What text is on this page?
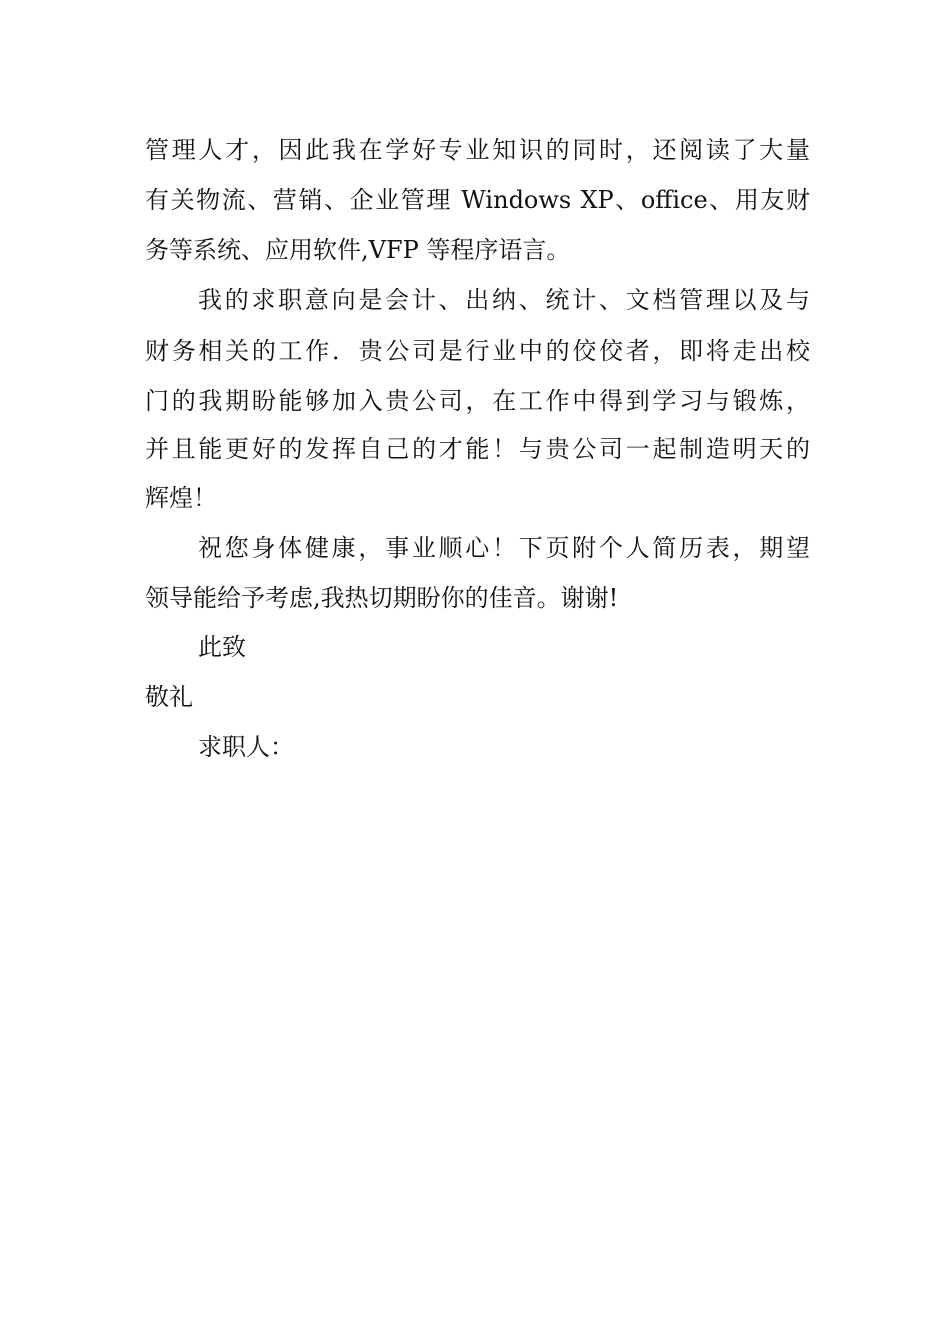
管理人才，因此我在学好专业知识的同时，还阅读了大量
有关物流、营销、企业管理 Windows XP、office、用友财
务等系统、应用软件,VFP 等程序语言。
我的求职意向是会计、出纳、统计、文档管理以及与
财务相关的工作．贵公司是行业中的佼佼者，即将走出校
门的我期盼能够加入贵公司，在工作中得到学习与锻炼，
并且能更好的发挥自己的才能！与贵公司一起制造明天的
辉煌！
祝您身体健康，事业顺心！下页附个人简历表，期望
领导能给予考虑,我热切期盼你的佳音。谢谢!
此致
敬礼
求职人：
